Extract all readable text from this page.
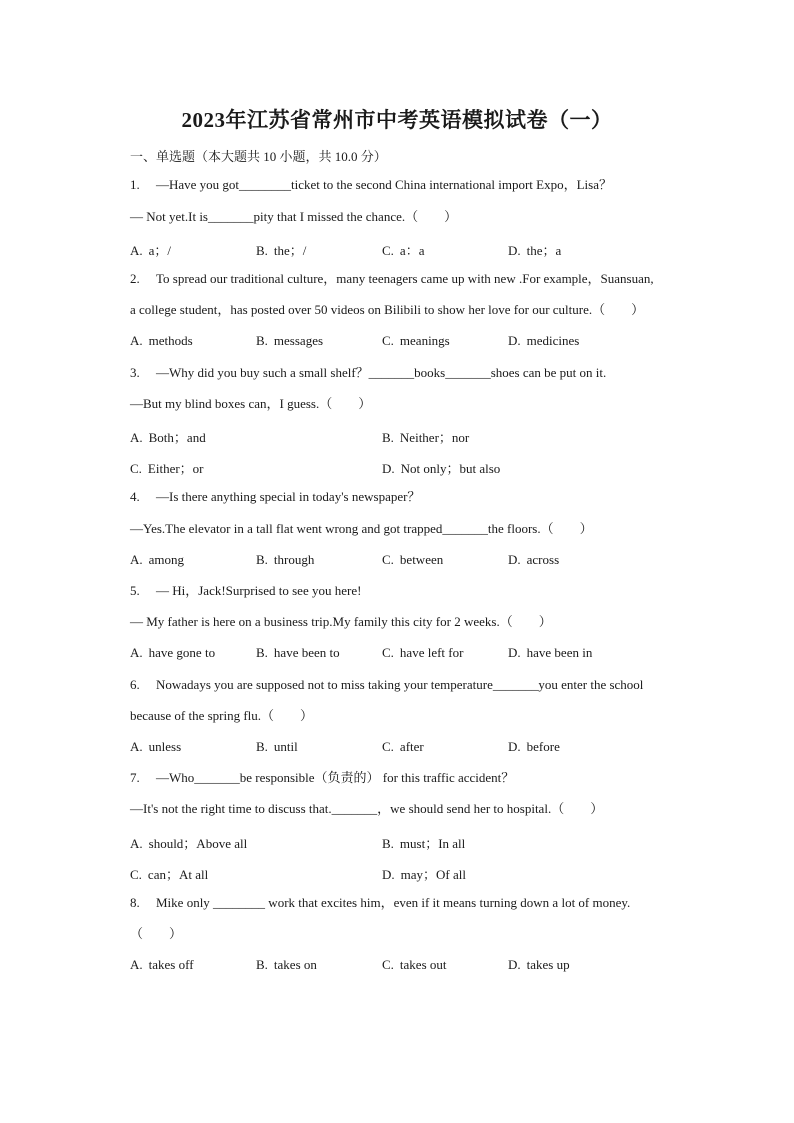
2023年江苏省常州市中考英语模拟试卷（一）
一、单选题（本大题共 10 小题，共 10.0 分）
1. —Have you got________ticket to the second China international import Expo，Lisa？
— Not yet.It is_______pity that I missed the chance.（　　）
A. a；/	B. the；/	C. a：a	D. the；a
2. To spread our traditional culture，many teenagers came up with new .For example，Suansuan,
a college student，has posted over 50 videos on Bilibili to show her love for our culture.（　　）
A. methods	B. messages	C. meanings	D. medicines
3. —Why did you buy such a small shelf？_______books_______shoes can be put on it.
—But my blind boxes can，I guess.（　　）
A. Both；and	B. Neither；nor
C. Either；or	D. Not only；but also
4. —Is there anything special in today's newspaper？
—Yes.The elevator in a tall flat went wrong and got trapped_______the floors.（　　）
A. among	B. through	C. between	D. across
5. — Hi，Jack!Surprised to see you here!
— My father is here on a business trip.My family this city for 2 weeks.（　　）
A. have gone to	B. have been to	C. have left for	D. have been in
6. Nowadays you are supposed not to miss taking your temperature_______you enter the school
because of the spring flu.（　　）
A. unless	B. until	C. after	D. before
7. —Who_______be responsible（负责的） for this traffic accident？
—It's not the right time to discuss that._______，we should send her to hospital.（　　）
A. should；Above all	B. must；In all
C. can；At all	D. may；Of all
8. Mike only ________ work that excites him，even if it means turning down a lot of money.
（　　）
A. takes off	B. takes on	C. takes out	D. takes up
